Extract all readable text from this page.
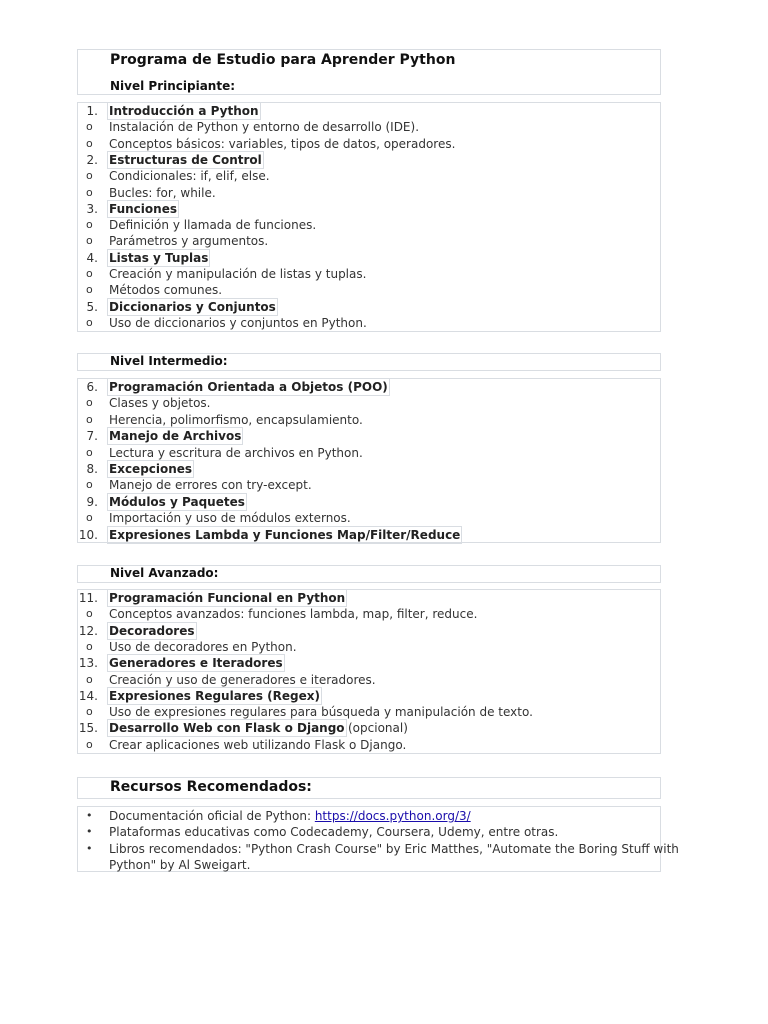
Programa de Estudio para Aprender Python
Nivel Principiante:
1. Introducción a Python
o	Instalación de Python y entorno de desarrollo (IDE).
o	Conceptos básicos: variables, tipos de datos, operadores.
2. Estructuras de Control
o	Condicionales: if, elif, else.
o	Bucles: for, while.
3. Funciones
o	Definición y llamada de funciones.
o	Parámetros y argumentos.
4. Listas y Tuplas
o	Creación y manipulación de listas y tuplas.
o	Métodos comunes.
5. Diccionarios y Conjuntos
o	Uso de diccionarios y conjuntos en Python.
Nivel Intermedio:
6. Programación Orientada a Objetos (POO)
o	Clases y objetos.
o	Herencia, polimorfismo, encapsulamiento.
7. Manejo de Archivos
o	Lectura y escritura de archivos en Python.
8. Excepciones
o	Manejo de errores con try-except.
9. Módulos y Paquetes
o	Importación y uso de módulos externos.
10. Expresiones Lambda y Funciones Map/Filter/Reduce
Nivel Avanzado:
11. Programación Funcional en Python
o	Conceptos avanzados: funciones lambda, map, filter, reduce.
12. Decoradores
o	Uso de decoradores en Python.
13. Generadores e Iteradores
o	Creación y uso de generadores e iteradores.
14. Expresiones Regulares (Regex)
o	Uso de expresiones regulares para búsqueda y manipulación de texto.
15. Desarrollo Web con Flask o Django (opcional)
o	Crear aplicaciones web utilizando Flask o Django.
Recursos Recomendados:
•	Documentación oficial de Python: https://docs.python.org/3/
•	Plataformas educativas como Codecademy, Coursera, Udemy, entre otras.
•	Libros recomendados: "Python Crash Course" by Eric Matthes, "Automate the Boring Stuff with
Python" by Al Sweigart.
